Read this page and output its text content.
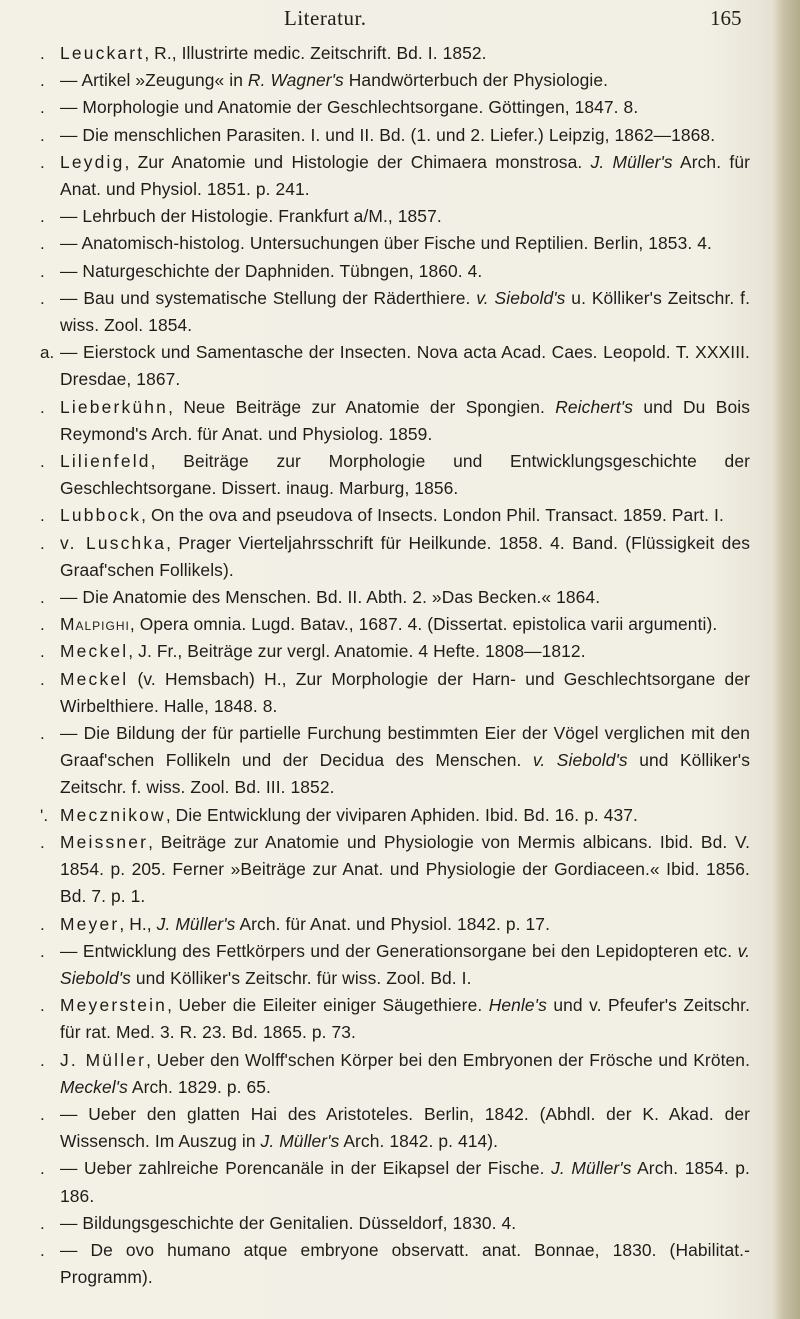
Literatur.	165
. Leuckart, R., Illustrirte medic. Zeitschrift. Bd. I. 1852.
. — Artikel »Zeugung« in R. Wagner's Handwörterbuch der Physiologie.
. — Morphologie und Anatomie der Geschlechtsorgane. Göttingen, 1847. 8.
. — Die menschlichen Parasiten. I. und II. Bd. (1. und 2. Liefer.) Leipzig, 1862—1868.
. Leydig, Zur Anatomie und Histologie der Chimaera monstrosa. J. Müller's Arch. für Anat. und Physiol. 1851. p. 241.
. — Lehrbuch der Histologie. Frankfurt a/M., 1857.
. — Anatomisch-histolog. Untersuchungen über Fische und Reptilien. Berlin, 1853. 4.
. — Naturgeschichte der Daphniden. Tübngen, 1860. 4.
. — Bau und systematische Stellung der Räderthiere. v. Siebold's u. Kölliker's Zeitschr. f. wiss. Zool. 1854.
a. — Eierstock und Samentasche der Insecten. Nova acta Acad. Caes. Leopold. T. XXXIII. Dresdae, 1867.
. Lieberkühn, Neue Beiträge zur Anatomie der Spongien. Reichert's und Du Bois Reymond's Arch. für Anat. und Physiolog. 1859.
. Lilienfeld, Beiträge zur Morphologie und Entwicklungsgeschichte der Geschlechtsorgane. Dissert. inaug. Marburg, 1856.
. Lubbock, On the ova and pseudova of Insects. London Phil. Transact. 1859. Part. I.
. v. Luschka, Prager Vierteljahrsschrift für Heilkunde. 1858. 4. Band. (Flüssigkeit des Graaf'schen Follikels).
. — Die Anatomie des Menschen. Bd. II. Abth. 2. »Das Becken.« 1864.
. Malpighi, Opera omnia. Lugd. Batav., 1687. 4. (Dissertat. epistolica varii argumenti).
. Meckel, J. Fr., Beiträge zur vergl. Anatomie. 4 Hefte. 1808—1812.
. Meckel (v. Hemsbach) H., Zur Morphologie der Harn- und Geschlechtsorgane der Wirbelthiere. Halle, 1848. 8.
. — Die Bildung der für partielle Furchung bestimmten Eier der Vögel verglichen mit den Graaf'schen Follikeln und der Decidua des Menschen. v. Siebold's und Kölliker's Zeitschr. f. wiss. Zool. Bd. III. 1852.
'. Mecznikow, Die Entwicklung der viviparen Aphiden. Ibid. Bd. 16. p. 437.
. Meissner, Beiträge zur Anatomie und Physiologie von Mermis albicans. Ibid. Bd. V. 1854. p. 205. Ferner »Beiträge zur Anat. und Physiologie der Gordiaceen.« Ibid. 1856. Bd. 7. p. 1.
. Meyer, H., J. Müller's Arch. für Anat. und Physiol. 1842. p. 17.
. — Entwicklung des Fettkörpers und der Generationsorgane bei den Lepidopteren etc. v. Siebold's und Kölliker's Zeitschr. für wiss. Zool. Bd. I.
. Meyerstein, Ueber die Eileiter einiger Säugethiere. Henle's und v. Pfeufer's Zeitschr. für rat. Med. 3. R. 23. Bd. 1865. p. 73.
. J. Müller, Ueber den Wolff'schen Körper bei den Embryonen der Frösche und Kröten. Meckel's Arch. 1829. p. 65.
. — Ueber den glatten Hai des Aristoteles. Berlin, 1842. (Abhdl. der K. Akad. der Wissensch. Im Auszug in J. Müller's Arch. 1842. p. 414).
. — Ueber zahlreiche Porencanäle in der Eikapsel der Fische. J. Müller's Arch. 1854. p. 186.
. — Bildungsgeschichte der Genitalien. Düsseldorf, 1830. 4.
. — De ovo humano atque embryone observatt. anat. Bonnae, 1830. (Habilitat.-Programm).
